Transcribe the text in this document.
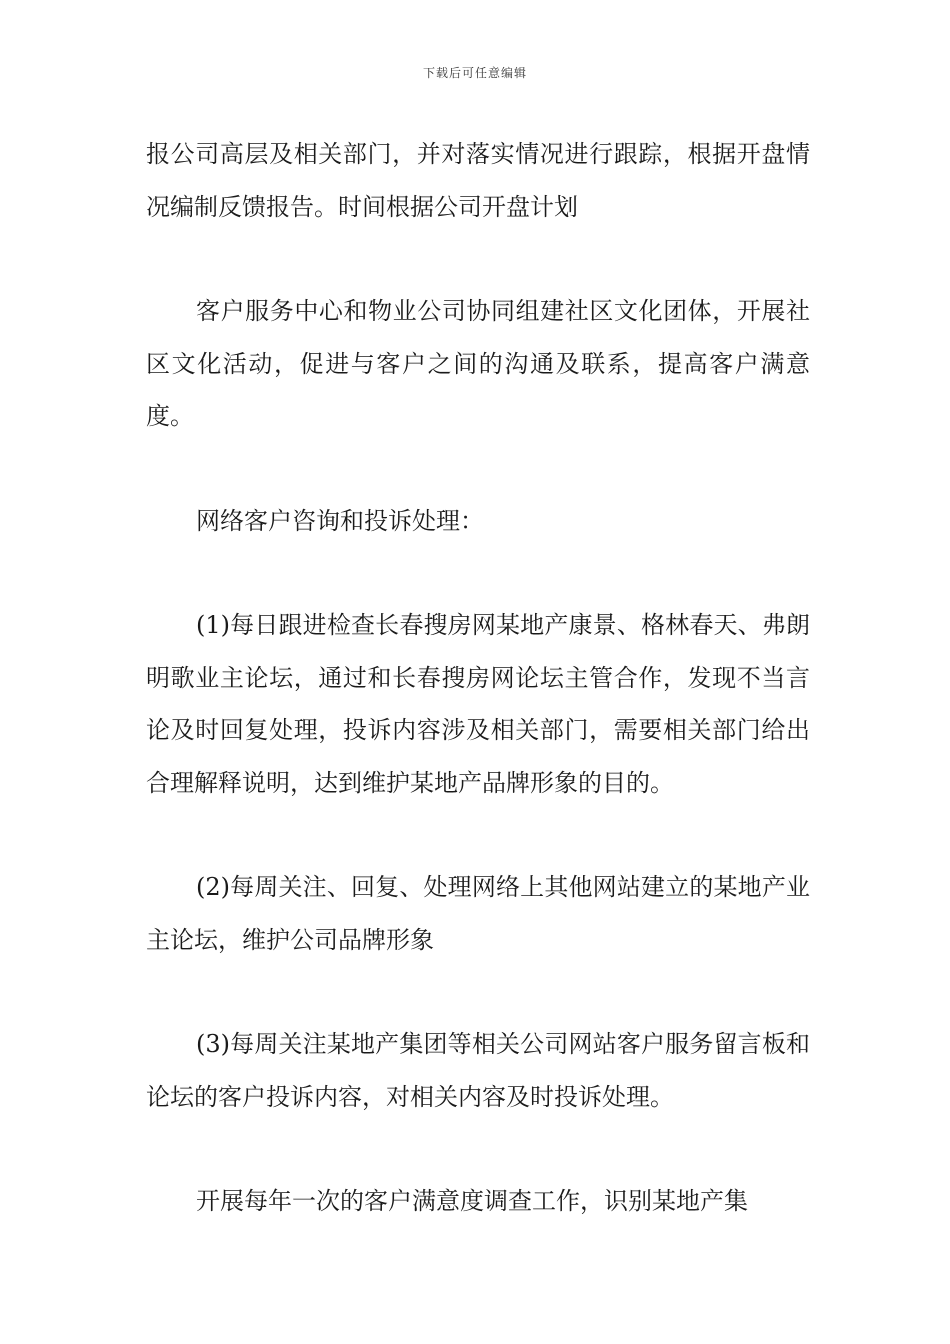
下载后可任意编辑

报公司高层及相关部门，并对落实情况进行跟踪，根据开盘情况编制反馈报告。时间根据公司开盘计划

客户服务中心和物业公司协同组建社区文化团体，开展社区文化活动，促进与客户之间的沟通及联系，提高客户满意度。

网络客户咨询和投诉处理：

(1)每日跟进检查长春搜房网某地产康景、格林春天、弗朗明歌业主论坛，通过和长春搜房网论坛主管合作，发现不当言论及时回复处理，投诉内容涉及相关部门，需要相关部门给出合理解释说明，达到维护某地产品牌形象的目的。

(2)每周关注、回复、处理网络上其他网站建立的某地产业主论坛，维护公司品牌形象

(3)每周关注某地产集团等相关公司网站客户服务留言板和论坛的客户投诉内容，对相关内容及时投诉处理。

开展每年一次的客户满意度调查工作，识别某地产集
